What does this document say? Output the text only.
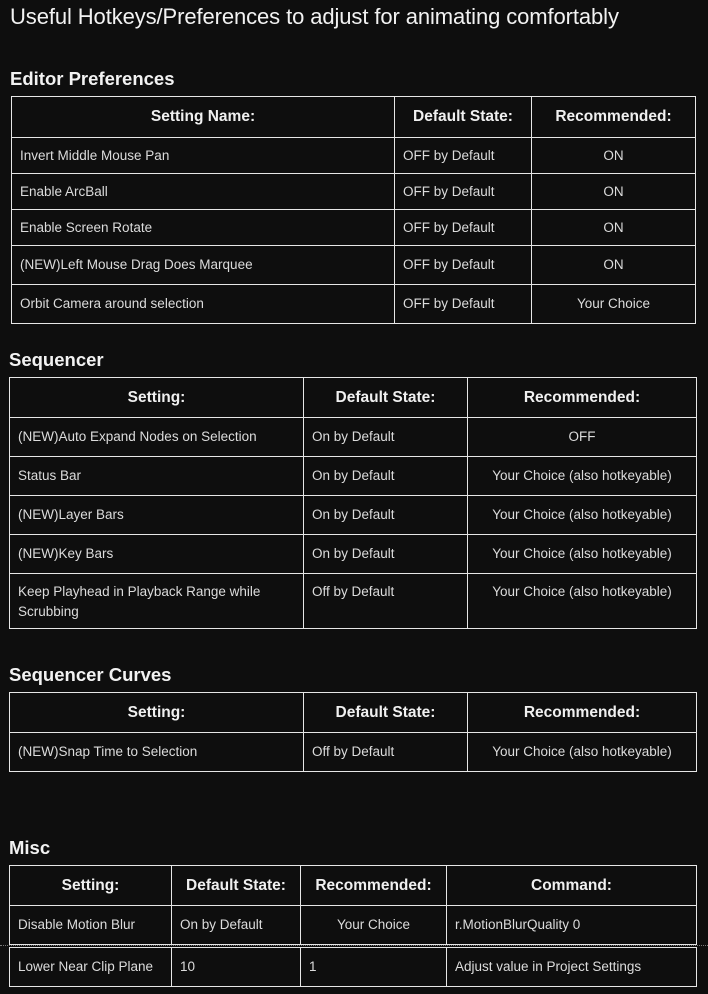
Useful Hotkeys/Preferences to adjust for animating comfortably
Editor Preferences
Setting Name:	Default State:	Recommended:
Invert Middle Mouse Pan	OFF by Default	ON
Enable ArcBall	OFF by Default	ON
Enable Screen Rotate	OFF by Default	ON
(NEW)Left Mouse Drag Does Marquee	OFF by Default	ON
Orbit Camera around selection	OFF by Default	Your Choice
Sequencer
Setting:	Default State:	Recommended:
(NEW)Auto Expand Nodes on Selection	On by Default	OFF
Status Bar	On by Default	Your Choice (also hotkeyable)
(NEW)Layer Bars	On by Default	Your Choice (also hotkeyable)
(NEW)Key Bars	On by Default	Your Choice (also hotkeyable)
Keep Playhead in Playback Range while Scrubbing	Off by Default	Your Choice (also hotkeyable)
Sequencer Curves
Setting:	Default State:	Recommended:
(NEW)Snap Time to Selection	Off by Default	Your Choice (also hotkeyable)
Misc
Setting:	Default State:	Recommended:	Command:
Disable Motion Blur	On by Default	Your Choice	r.MotionBlurQuality 0
Lower Near Clip Plane	10	1	Adjust value in Project Settings
